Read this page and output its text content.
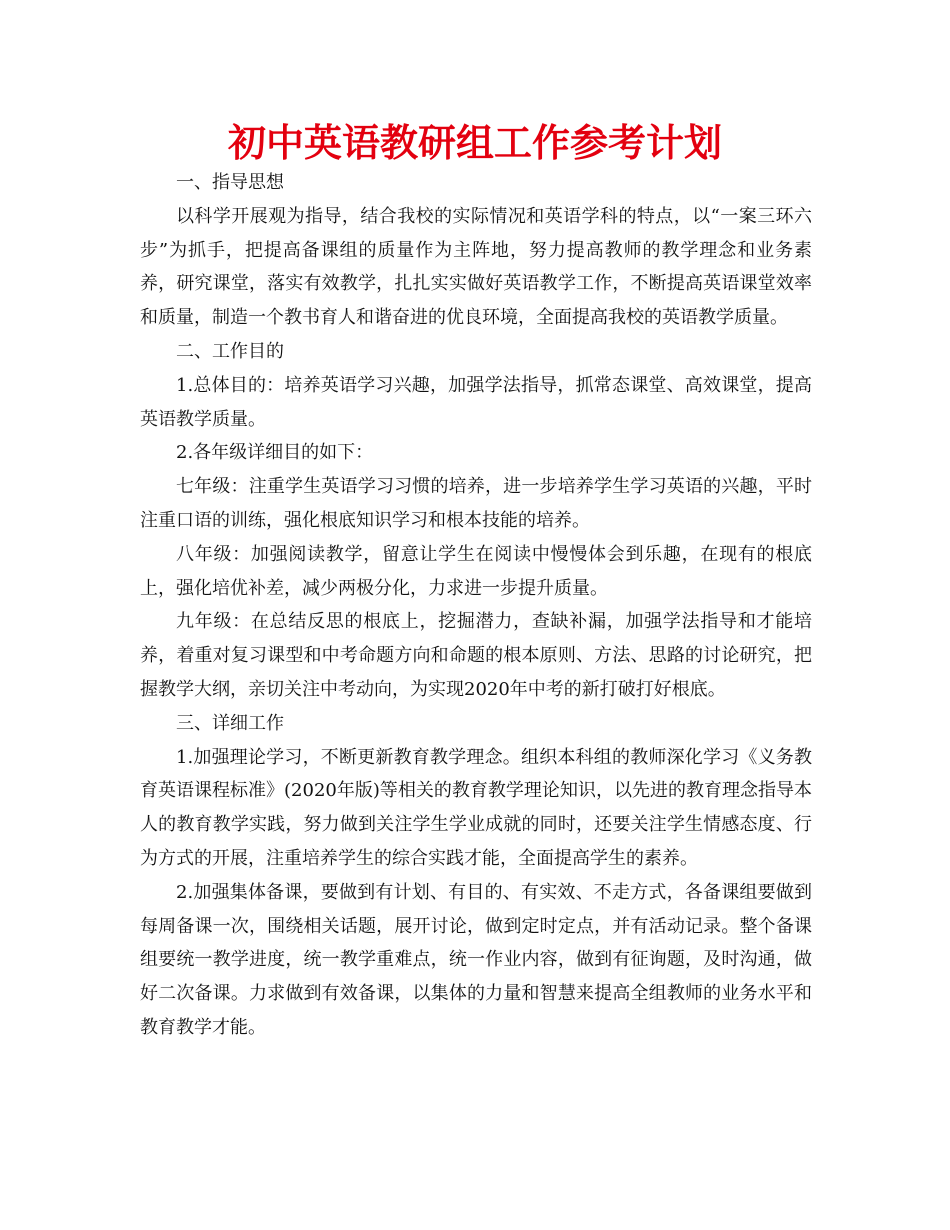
初中英语教研组工作参考计划

一、指导思想

以科学开展观为指导，结合我校的实际情况和英语学科的特点，以“一案三环六步”为抓手，把提高备课组的质量作为主阵地，努力提高教师的教学理念和业务素养，研究课堂，落实有效教学，扎扎实实做好英语教学工作，不断提高英语课堂效率和质量，制造一个教书育人和谐奋进的优良环境，全面提高我校的英语教学质量。

二、工作目的

1.总体目的：培养英语学习兴趣，加强学法指导，抓常态课堂、高效课堂，提高英语教学质量。

2.各年级详细目的如下：

七年级：注重学生英语学习习惯的培养，进一步培养学生学习英语的兴趣，平时注重口语的训练，强化根底知识学习和根本技能的培养。

八年级：加强阅读教学，留意让学生在阅读中慢慢体会到乐趣，在现有的根底上，强化培优补差，减少两极分化，力求进一步提升质量。

九年级：在总结反思的根底上，挖掘潜力，查缺补漏，加强学法指导和才能培养，着重对复习课型和中考命题方向和命题的根本原则、方法、思路的讨论研究，把握教学大纲，亲切关注中考动向，为实现2020年中考的新打破打好根底。

三、详细工作

1.加强理论学习，不断更新教育教学理念。组织本科组的教师深化学习《义务教育英语课程标准》(2020年版)等相关的教育教学理论知识，以先进的教育理念指导本人的教育教学实践，努力做到关注学生学业成就的同时，还要关注学生情感态度、行为方式的开展，注重培养学生的综合实践才能，全面提高学生的素养。

2.加强集体备课，要做到有计划、有目的、有实效、不走方式，各备课组要做到每周备课一次，围绕相关话题，展开讨论，做到定时定点，并有活动记录。整个备课组要统一教学进度，统一教学重难点，统一作业内容，做到有征询题，及时沟通，做好二次备课。力求做到有效备课，以集体的力量和智慧来提高全组教师的业务水平和教育教学才能。
